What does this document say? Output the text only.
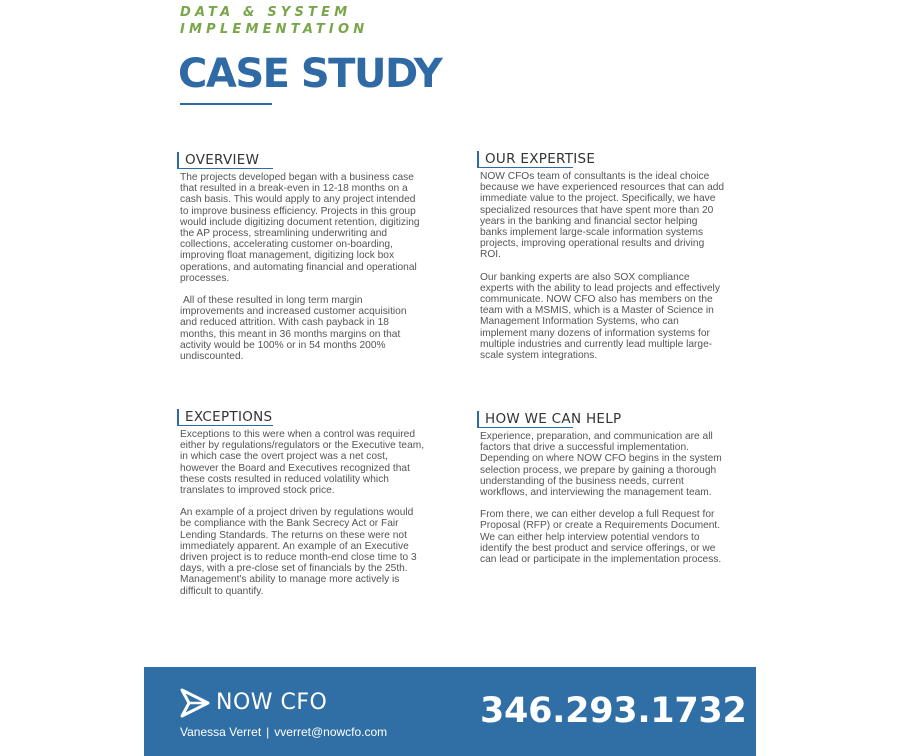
DATA & SYSTEM
IMPLEMENTATION

CASE STUDY
OVERVIEW

The projects developed began with a business case that resulted in a break-even in 12-18 months on a cash basis. This would apply to any project intended to improve business efficiency. Projects in this group would include digitizing document retention, digitizing the AP process, streamlining underwriting and collections, accelerating customer on-boarding, improving float management, digitizing lock box operations, and automating financial and operational processes.

All of these resulted in long term margin improvements and increased customer acquisition and reduced attrition. With cash payback in 18 months, this meant in 36 months margins on that activity would be 100% or in 54 months 200% undiscounted.

OUR EXPERTISE

NOW CFOs team of consultants is the ideal choice because we have experienced resources that can add immediate value to the project. Specifically, we have specialized resources that have spent more than 20 years in the banking and financial sector helping banks implement large-scale information systems projects, improving operational results and driving ROI.

Our banking experts are also SOX compliance experts with the ability to lead projects and effectively communicate. NOW CFO also has members on the team with a MSMIS, which is a Master of Science in Management Information Systems, who can implement many dozens of information systems for multiple industries and currently lead multiple large-scale system integrations.

EXCEPTIONS

Exceptions to this were when a control was required either by regulations/regulators or the Executive team, in which case the overt project was a net cost, however the Board and Executives recognized that these costs resulted in reduced volatility which translates to improved stock price.

An example of a project driven by regulations would be compliance with the Bank Secrecy Act or Fair Lending Standards. The returns on these were not immediately apparent. An example of an Executive driven project is to reduce month-end close time to 3 days, with a pre-close set of financials by the 25th. Management's ability to manage more actively is difficult to quantify.

HOW WE CAN HELP

Experience, preparation, and communication are all factors that drive a successful implementation. Depending on where NOW CFO begins in the system selection process, we prepare by gaining a thorough understanding of the business needs, current workflows, and interviewing the management team.

From there, we can either develop a full Request for Proposal (RFP) or create a Requirements Document. We can either help interview potential vendors to identify the best product and service offerings, or we can lead or participate in the implementation process.

NOW CFO
Vanessa Verret | vverret@nowcfo.com
346.293.1732
